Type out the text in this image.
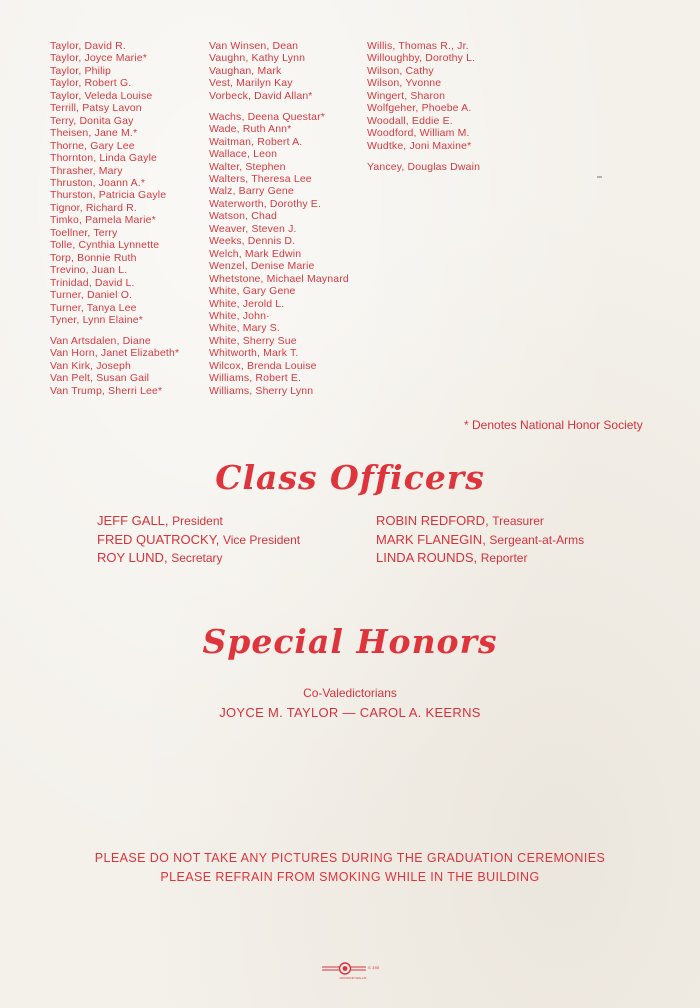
Taylor, David R.
Taylor, Joyce Marie*
Taylor, Philip
Taylor, Robert G.
Taylor, Veleda Louise
Terrill, Patsy Lavon
Terry, Donita Gay
Theisen, Jane M.*
Thorne, Gary Lee
Thornton, Linda Gayle
Thrasher, Mary
Thruston, Joann A.*
Thurston, Patricia Gayle
Tignor, Richard R.
Timko, Pamela Marie*
Toellner, Terry
Tolle, Cynthia Lynnette
Torp, Bonnie Ruth
Trevino, Juan L.
Trinidad, David L.
Turner, Daniel O.
Turner, Tanya Lee
Tyner, Lynn Elaine*
Van Artsdalen, Diane
Van Horn, Janet Elizabeth*
Van Kirk, Joseph
Van Pelt, Susan Gail
Van Trump, Sherri Lee*
Van Winsen, Dean
Vaughn, Kathy Lynn
Vaughan, Mark
Vest, Marilyn Kay
Vorbeck, David Allan*
Wachs, Deena Questar*
Wade, Ruth Ann*
Waitman, Robert A.
Wallace, Leon
Walter, Stephen
Walters, Theresa Lee
Walz, Barry Gene
Waterworth, Dorothy E.
Watson, Chad
Weaver, Steven J.
Weeks, Dennis D.
Welch, Mark Edwin
Wenzel, Denise Marie
Whetstone, Michael Maynard
White, Gary Gene
White, Jerold L.
White, John·
White, Mary S.
White, Sherry Sue
Whitworth, Mark T.
Wilcox, Brenda Louise
Williams, Robert E.
Williams, Sherry Lynn
Willis, Thomas R., Jr.
Willoughby, Dorothy L.
Wilson, Cathy
Wilson, Yvonne
Wingert, Sharon
Wolfgeher, Phoebe A.
Woodall, Eddie E.
Woodford, William M.
Wudtke, Joni Maxine*
Yancey, Douglas Dwain
* Denotes National Honor Society
Class Officers
JEFF GALL, President
FRED QUATROCKY, Vice President
ROY LUND, Secretary
ROBIN REDFORD, Treasurer
MARK FLANEGIN, Sergeant-at-Arms
LINDA ROUNDS, Reporter
Special Honors
Co-Valedictorians
JOYCE M. TAYLOR — CAROL A. KEERNS
PLEASE DO NOT TAKE ANY PICTURES DURING THE GRADUATION CEREMONIES
PLEASE REFRAIN FROM SMOKING WHILE IN THE BUILDING
S 395
RAYMOND WALLIS
